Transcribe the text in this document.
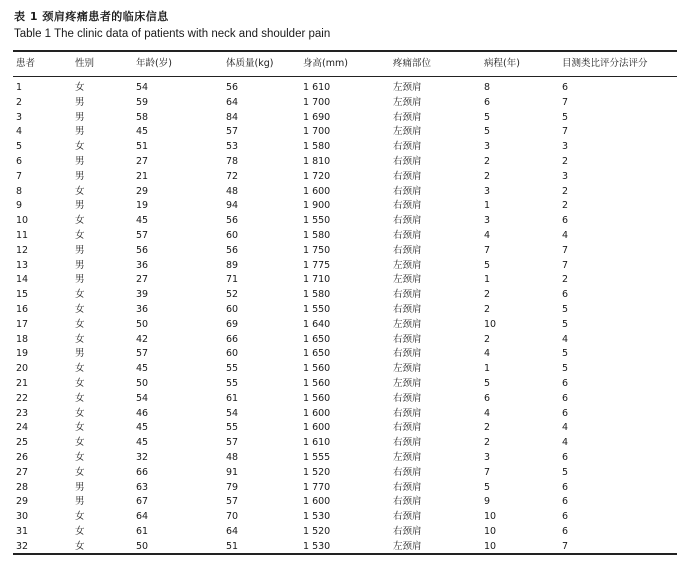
表 1 颈肩疼痛患者的临床信息
Table 1 The clinic data of patients with neck and shoulder pain
患者	性别	年龄(岁)	体质量(kg)	身高(mm)	疼痛部位	病程(年)	目测类比评分法评分
1	女	54	56	1 610	左颈肩	8	6
2	男	59	64	1 700	左颈肩	6	7
3	男	58	84	1 690	右颈肩	5	5
4	男	45	57	1 700	左颈肩	5	7
5	女	51	53	1 580	右颈肩	3	3
6	男	27	78	1 810	右颈肩	2	2
7	男	21	72	1 720	右颈肩	2	3
8	女	29	48	1 600	右颈肩	3	2
9	男	19	94	1 900	右颈肩	1	2
10	女	45	56	1 550	右颈肩	3	6
11	女	57	60	1 580	右颈肩	4	4
12	男	56	56	1 750	右颈肩	7	7
13	男	36	89	1 775	左颈肩	5	7
14	男	27	71	1 710	左颈肩	1	2
15	女	39	52	1 580	右颈肩	2	6
16	女	36	60	1 550	右颈肩	2	5
17	女	50	69	1 640	左颈肩	10	5
18	女	42	66	1 650	右颈肩	2	4
19	男	57	60	1 650	右颈肩	4	5
20	女	45	55	1 560	左颈肩	1	5
21	女	50	55	1 560	左颈肩	5	6
22	女	54	61	1 560	右颈肩	6	6
23	女	46	54	1 600	右颈肩	4	6
24	女	45	55	1 600	右颈肩	2	4
25	女	45	57	1 610	右颈肩	2	4
26	女	32	48	1 555	左颈肩	3	6
27	女	66	91	1 520	右颈肩	7	5
28	男	63	79	1 770	右颈肩	5	6
29	男	67	57	1 600	右颈肩	9	6
30	女	64	70	1 530	右颈肩	10	6
31	女	61	64	1 520	右颈肩	10	6
32	女	50	51	1 530	左颈肩	10	7
